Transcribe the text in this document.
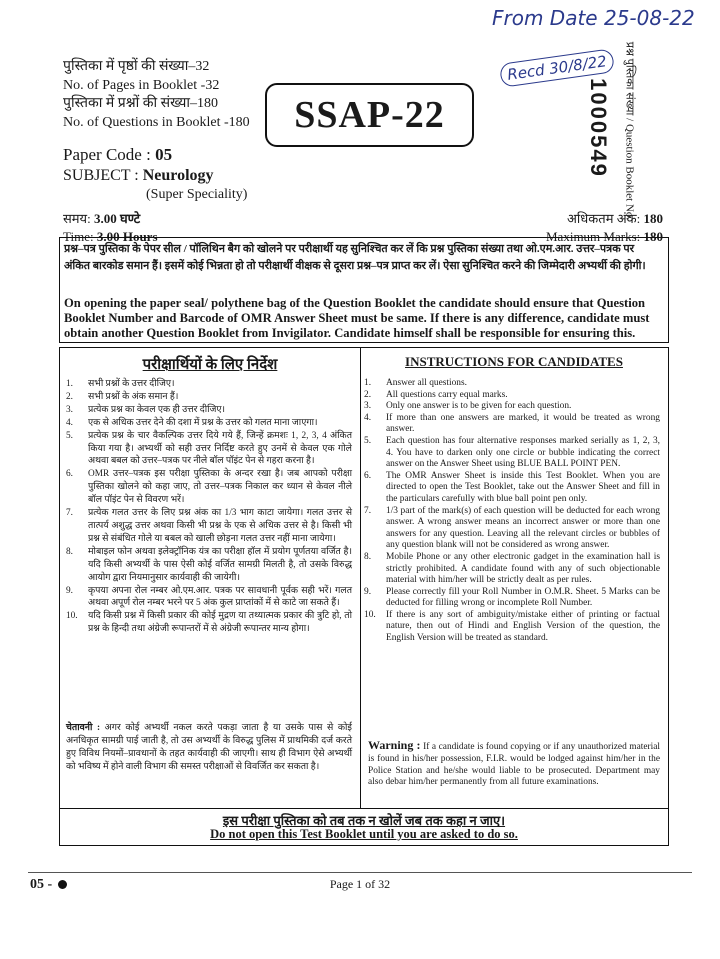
From Date 25-08-22
Recd 30/8/22
पुस्तिका में पृष्ठों की संख्या–32
No. of Pages in Booklet -32
पुस्तिका में प्रश्नों की संख्या–180
No. of Questions in Booklet -180
Paper Code : 05
SUBJECT : Neurology
(Super Speciality)
SSAP-22	1000549 प्रश्न पुस्तिका संख्या / Question Booklet No.
समय: 3.00 घण्टे
Time: 3.00 Hours
अधिकतम अंक: 180
Maximum Marks: 180
प्रश्न–पत्र पुस्तिका के पेपर सील / पॉलिथिन बैग को खोलने पर परीक्षार्थी यह सुनिश्चित कर लें कि प्रश्न पुस्तिका संख्या तथा ओ.एम.आर. उत्तर–पत्रक पर अंकित बारकोड समान हैं। इसमें कोई भिन्नता हो तो परीक्षार्थी वीक्षक से दूसरा प्रश्न–पत्र प्राप्त कर लें। ऐसा सुनिश्चित करने की जिम्मेदारी अभ्यर्थी की होगी।
On opening the paper seal/ polythene bag of the Question Booklet the candidate should ensure that Question Booklet Number and Barcode of OMR Answer Sheet must be same. If there is any difference, candidate must obtain another Question Booklet from Invigilator. Candidate himself shall be responsible for ensuring this.
परीक्षार्थियों के लिए निर्देश	INSTRUCTIONS FOR CANDIDATES
1. सभी प्रश्नों के उत्तर दीजिए।
2. सभी प्रश्नों के अंक समान हैं।
3. प्रत्येक प्रश्न का केवल एक ही उत्तर दीजिए।
4. एक से अधिक उत्तर देने की दशा में प्रश्न के उत्तर को गलत माना जाएगा।
5. प्रत्येक प्रश्न के चार वैकल्पिक उत्तर दिये गये हैं, जिन्हें क्रमशः 1, 2, 3, 4 अंकित किया गया है। अभ्यर्थी को सही उत्तर निर्दिष्ट करते हुए उनमें से केवल एक गोले अथवा बबल को उत्तर–पत्रक पर नीले बॉल पॉइंट पेन से गहरा करना है।
6. OMR उत्तर–पत्रक इस परीक्षा पुस्तिका के अन्दर रखा है। जब आपको परीक्षा पुस्तिका खोलने को कहा जाए, तो उत्तर–पत्रक निकाल कर ध्यान से केवल नीले बॉल पॉइंट पेन से विवरण भरें।
7. प्रत्येक गलत उत्तर के लिए प्रश्न अंक का 1/3 भाग काटा जायेगा। गलत उत्तर से तात्पर्य अशुद्ध उत्तर अथवा किसी भी प्रश्न के एक से अधिक उत्तर से है। किसी भी प्रश्न से संबंधित गोले या बबल को खाली छोड़ना गलत उत्तर नहीं माना जायेगा।
8. मोबाइल फोन अथवा इलेक्ट्रॉनिक यंत्र का परीक्षा हॉल में प्रयोग पूर्णतया वर्जित है। यदि किसी अभ्यर्थी के पास ऐसी कोई वर्जित सामग्री मिलती है, तो उसके विरुद्ध आयोग द्वारा नियमानुसार कार्यवाही की जायेगी।
9. कृपया अपना रोल नम्बर ओ.एम.आर. पत्रक पर सावधानी पूर्वक सही भरें। गलत अथवा अपूर्ण रोल नम्बर भरने पर 5 अंक कुल प्राप्तांकों में से काटे जा सकते हैं।
10. यदि किसी प्रश्न में किसी प्रकार की कोई मुद्रण या तथ्यात्मक प्रकार की त्रुटि हो, तो प्रश्न के हिन्दी तथा अंग्रेजी रूपान्तरों में से अंग्रेजी रूपान्तर मान्य होगा।
चेतावनी : अगर कोई अभ्यर्थी नकल करते पकड़ा जाता है या उसके पास से कोई अनधिकृत सामग्री पाई जाती है, तो उस अभ्यर्थी के विरुद्ध पुलिस में प्राथमिकी दर्ज करते हुए विविध नियमों–प्रावधानों के तहत कार्यवाही की जाएगी। साथ ही विभाग ऐसे अभ्यर्थी को भविष्य में होने वाली विभाग की समस्त परीक्षाओं से विवर्जित कर सकता है।
1. Answer all questions.
2. All questions carry equal marks.
3. Only one answer is to be given for each question.
4. If more than one answers are marked, it would be treated as wrong answer.
5. Each question has four alternative responses marked serially as 1, 2, 3, 4. You have to darken only one circle or bubble indicating the correct answer on the Answer Sheet using BLUE BALL POINT PEN.
6. The OMR Answer Sheet is inside this Test Booklet. When you are directed to open the Test Booklet, take out the Answer Sheet and fill in the particulars carefully with blue ball point pen only.
7. 1/3 part of the mark(s) of each question will be deducted for each wrong answer. A wrong answer means an incorrect answer or more than one answers for any question. Leaving all the relevant circles or bubbles of any question blank will not be considered as wrong answer.
8. Mobile Phone or any other electronic gadget in the examination hall is strictly prohibited. A candidate found with any of such objectionable material with him/her will be strictly dealt as per rules.
9. Please correctly fill your Roll Number in O.M.R. Sheet. 5 Marks can be deducted for filling wrong or incomplete Roll Number.
10. If there is any sort of ambiguity/mistake either of printing or factual nature, then out of Hindi and English Version of the question, the English Version will be treated as standard.
Warning : If a candidate is found copying or if any unauthorized material is found in his/her possession, F.I.R. would be lodged against him/her in the Police Station and he/she would liable to be prosecuted. Department may also debar him/her permanently from all future examinations.
इस परीक्षा पुस्तिका को तब तक न खोलें जब तक कहा न जाए।
Do not open this Test Booklet until you are asked to do so.
05 -	Page 1 of 32
